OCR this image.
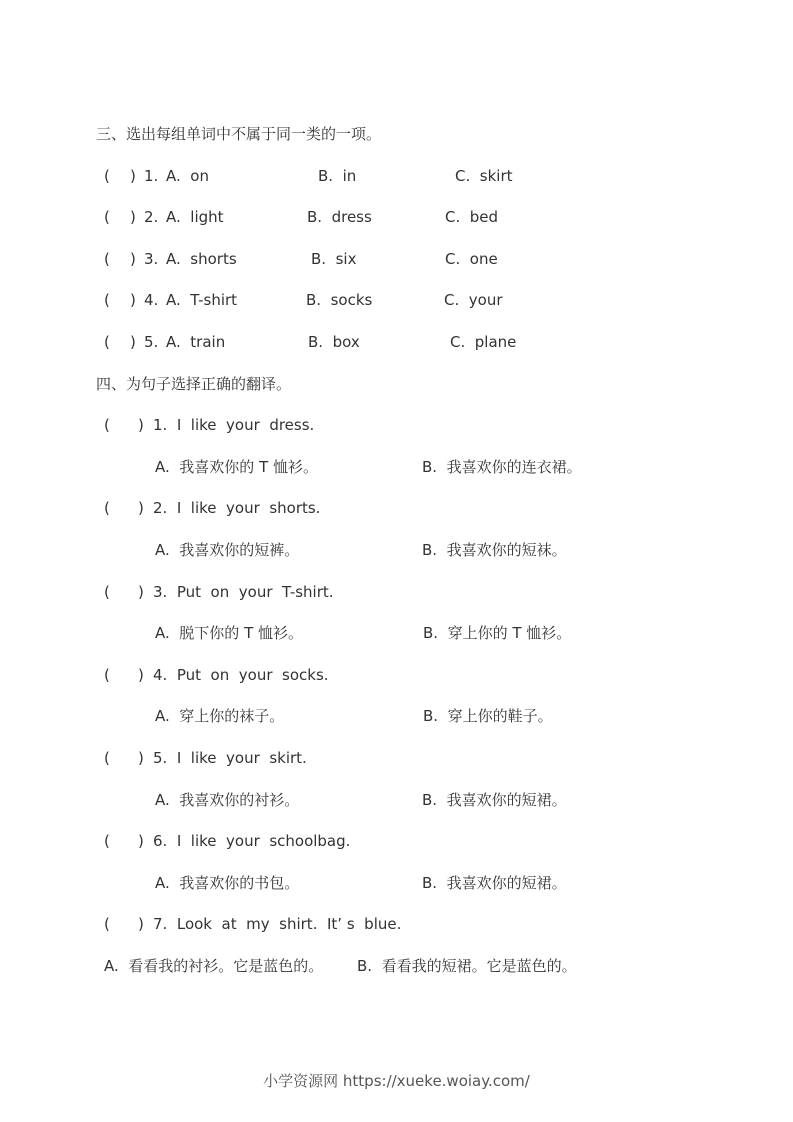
三、选出每组单词中不属于同一类的一项。
( ) 1. A.  on	B.  in	C.  skirt
( ) 2. A.  light	B.  dress	C.  bed
( ) 3. A.  shorts	B.  six	C.  one
( ) 4. A.  T-shirt	B.  socks	C.  your
( ) 5. A.  train	B.  box	C.  plane
四、为句子选择正确的翻译。
( ) 1.  I  like  your  dress.
A.  我喜欢你的 T 恤衫。	B.  我喜欢你的连衣裙。
( ) 2.  I  like  your  shorts.
A.  我喜欢你的短裤。	B.  我喜欢你的短袜。
( ) 3.  Put  on  your  T-shirt.
A.  脱下你的 T 恤衫。	B.  穿上你的 T 恤衫。
( ) 4.  Put  on  your  socks.
A.  穿上你的袜子。	B.  穿上你的鞋子。
( ) 5.  I  like  your  skirt.
A.  我喜欢你的衬衫。	B.  我喜欢你的短裙。
( ) 6.  I  like  your  schoolbag.
A.  我喜欢你的书包。	B.  我喜欢你的短裙。
( ) 7.  Look  at  my  shirt.  It’ s  blue.
A.  看看我的衬衫。它是蓝色的。 B.  看看我的短裙。它是蓝色的。
小学资源网 https://xueke.woiay.com/
